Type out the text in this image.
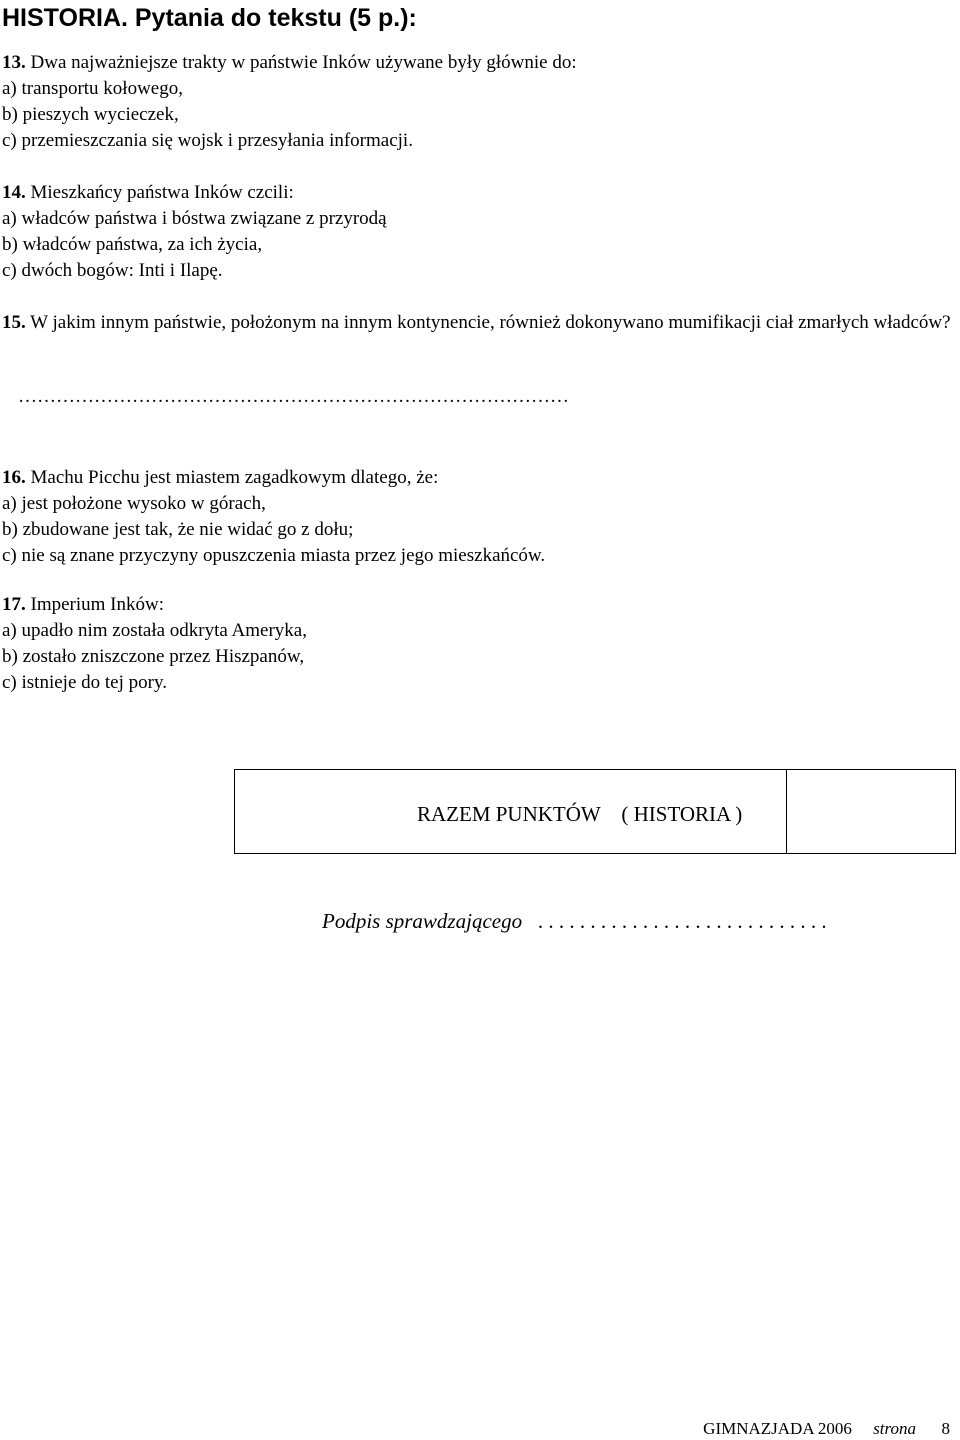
HISTORIA. Pytania do tekstu (5 p.):
13. Dwa najważniejsze trakty w państwie Inków używane były głównie do:
a) transportu kołowego,
b) pieszych wycieczek,
c) przemieszczania się wojsk i przesyłania informacji.
14. Mieszkańcy państwa Inków czcili:
a) władców państwa i bóstwa związane z przyrodą
b) władców państwa, za ich życia,
c) dwóch bogów: Inti i Ilapę.
15. W jakim innym państwie, położonym na innym kontynencie, również dokonywano mumifikacji ciał zmarłych władców?
……………………………………………………………………………
16. Machu Picchu jest miastem zagadkowym dlatego, że:
a) jest położone wysoko w górach,
b) zbudowane jest tak, że nie widać go z dołu;
c) nie są znane przyczyny opuszczenia miasta przez jego mieszkańców.
17. Imperium Inków:
a) upadło nim została odkryta Ameryka,
b) zostało zniszczone przez Hiszpanów,
c) istnieje do tej pory.
RAZEM PUNKTÓW    ( HISTORIA )
Podpis sprawdzającego   . . . . . . . . . . . . . . . . . . . . . . . . . . . .
GIMNAZJADA 2006 strona 8
